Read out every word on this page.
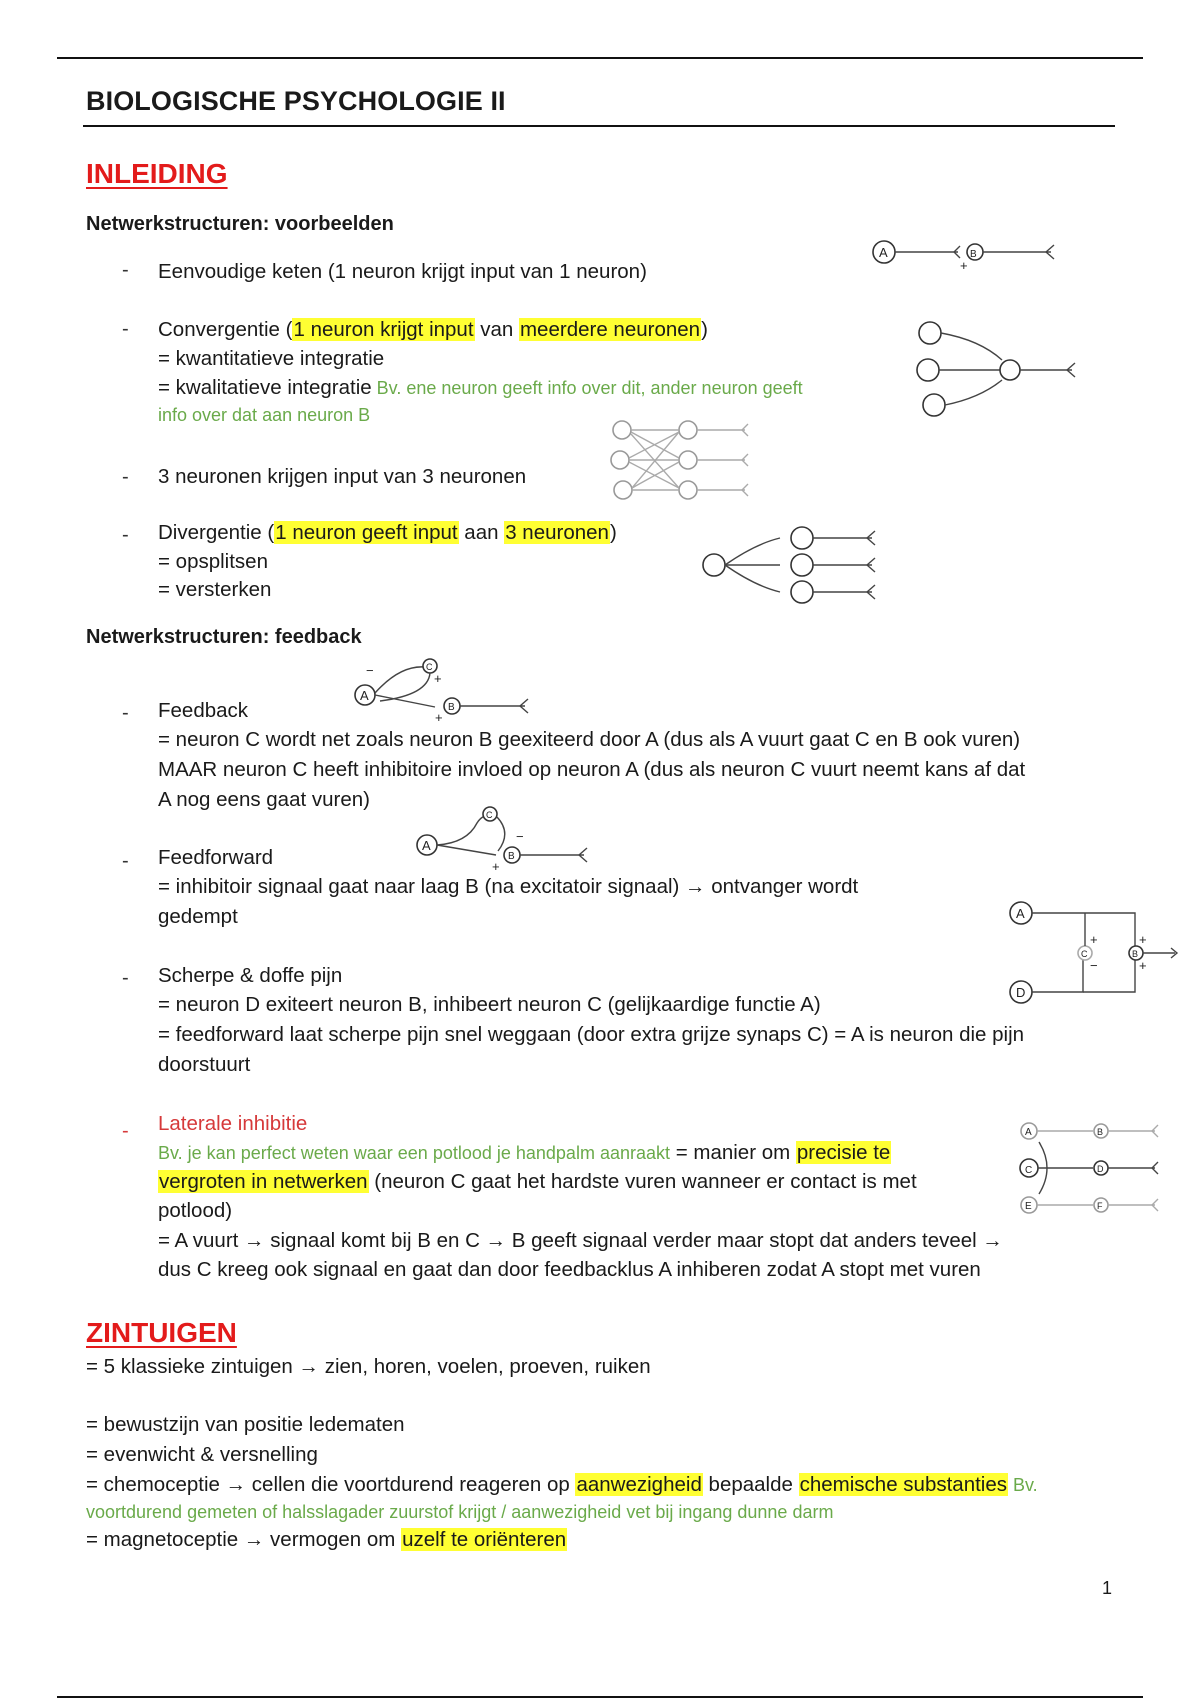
BIOLOGISCHE PSYCHOLOGIE II
INLEIDING
Netwerkstructuren: voorbeelden
- Eenvoudige keten (1 neuron krijgt input van 1 neuron)
A	B
+
- Convergentie (1 neuron krijgt input van meerdere neuronen)
= kwantitatieve integratie
= kwalitatieve integratie Bv. ene neuron geeft info over dit, ander neuron geeft
info over dat aan neuron B
- 3 neuronen krijgen input van 3 neuronen
- Divergentie (1 neuron geeft input aan 3 neuronen)
= opsplitsen
= versterken
Netwerkstructuren: feedback
A
C
B
+
+
−
- Feedback
= neuron C wordt net zoals neuron B geexiteerd door A (dus als A vuurt gaat C en B ook vuren)
MAAR neuron C heeft inhibitoire invloed op neuron A (dus als neuron C vuurt neemt kans af dat
A nog eens gaat vuren)
A
C
B
+
−
- Feedforward
= inhibitoir signaal gaat naar laag B (na excitatoir signaal) → ontvanger wordt
gedempt	A
D
C	B
+
−
+
+
- Scherpe & doffe pijn
= neuron D exiteert neuron B, inhibeert neuron C (gelijkaardige functie A)
= feedforward laat scherpe pijn snel weggaan (door extra grijze synaps C) = A is neuron die pijn
doorstuurt
A
C
E
B
D
F
- Laterale inhibitie
Bv. je kan perfect weten waar een potlood je handpalm aanraakt = manier om precisie te
vergroten in netwerken (neuron C gaat het hardste vuren wanneer er contact is met
potlood)
= A vuurt → signaal komt bij B en C → B geeft signaal verder maar stopt dat anders teveel →
dus C kreeg ook signaal en gaat dan door feedbacklus A inhiberen zodat A stopt met vuren
ZINTUIGEN
= 5 klassieke zintuigen → zien, horen, voelen, proeven, ruiken
= bewustzijn van positie ledematen
= evenwicht & versnelling
= chemoceptie → cellen die voortdurend reageren op aanwezigheid bepaalde chemische substanties Bv.
voortdurend gemeten of halsslagader zuurstof krijgt / aanwezigheid vet bij ingang dunne darm
= magnetoceptie → vermogen om uzelf te oriënteren
1
